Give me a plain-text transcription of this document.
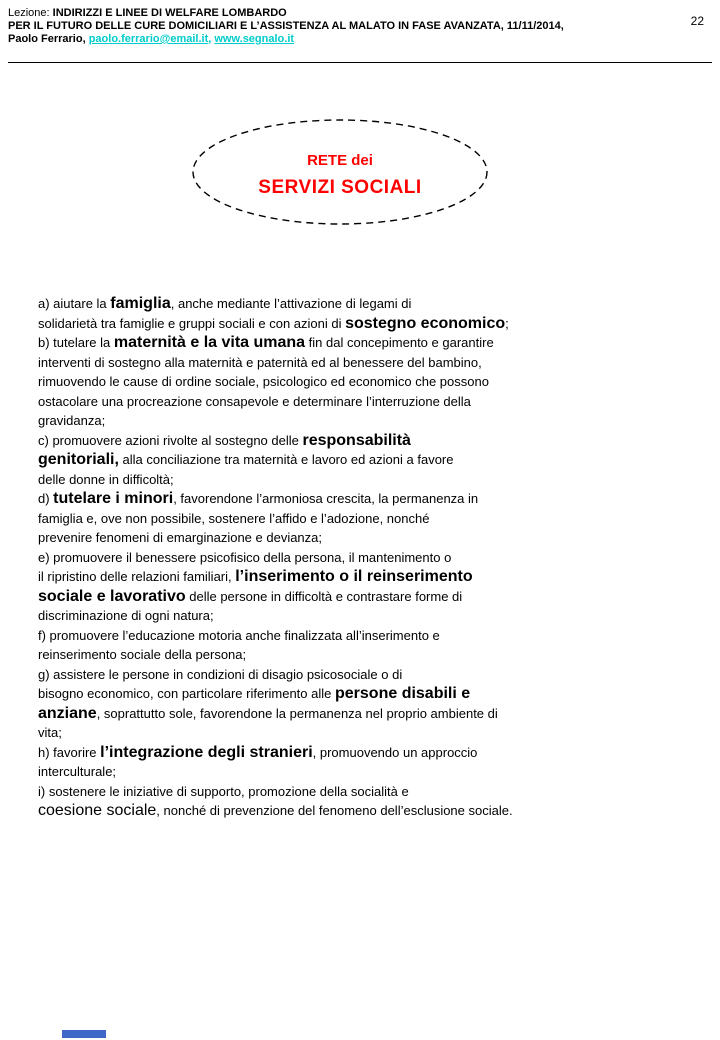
Lezione: INDIRIZZI E LINEE DI WELFARE LOMBARDO
PER IL FUTURO DELLE CURE DOMICILIARI E L’ASSISTENZA AL MALATO IN FASE AVANZATA, 11/11/2014,
Paolo Ferrario, paolo.ferrario@email.it, www.segnalo.it
22
RETE dei
SERVIZI SOCIALI
a) aiutare la famiglia, anche mediante l’attivazione di legami di
solidarietà tra famiglie e gruppi sociali e con azioni di sostegno economico;
b) tutelare la maternità e la vita umana fin dal concepimento e garantire
interventi di sostegno alla maternità e paternità ed al benessere del bambino,
rimuovendo le cause di ordine sociale, psicologico ed economico che possono
ostacolare una procreazione consapevole e determinare l’interruzione della
gravidanza;
c) promuovere azioni rivolte al sostegno delle responsabilità
genitoriali, alla conciliazione tra maternità e lavoro ed azioni a favore
delle donne in difficoltà;
d) tutelare i minori, favorendone l’armoniosa crescita, la permanenza in
famiglia e, ove non possibile, sostenere l’affido e l’adozione, nonché
prevenire fenomeni di emarginazione e devianza;
e) promuovere il benessere psicofisico della persona, il mantenimento o
il ripristino delle relazioni familiari, l’inserimento o il reinserimento
sociale e lavorativo delle persone in difficoltà e contrastare forme di
discriminazione di ogni natura;
f) promuovere l’educazione motoria anche finalizzata all’inserimento e
reinserimento sociale della persona;
g) assistere le persone in condizioni di disagio psicosociale o di
bisogno economico, con particolare riferimento alle persone disabili e
anziane, soprattutto sole, favorendone la permanenza nel proprio ambiente di
vita;
h) favorire l’integrazione degli stranieri, promuovendo un approccio
interculturale;
i) sostenere le iniziative di supporto, promozione della socialità e
coesione sociale, nonché di prevenzione del fenomeno dell’esclusione sociale.
